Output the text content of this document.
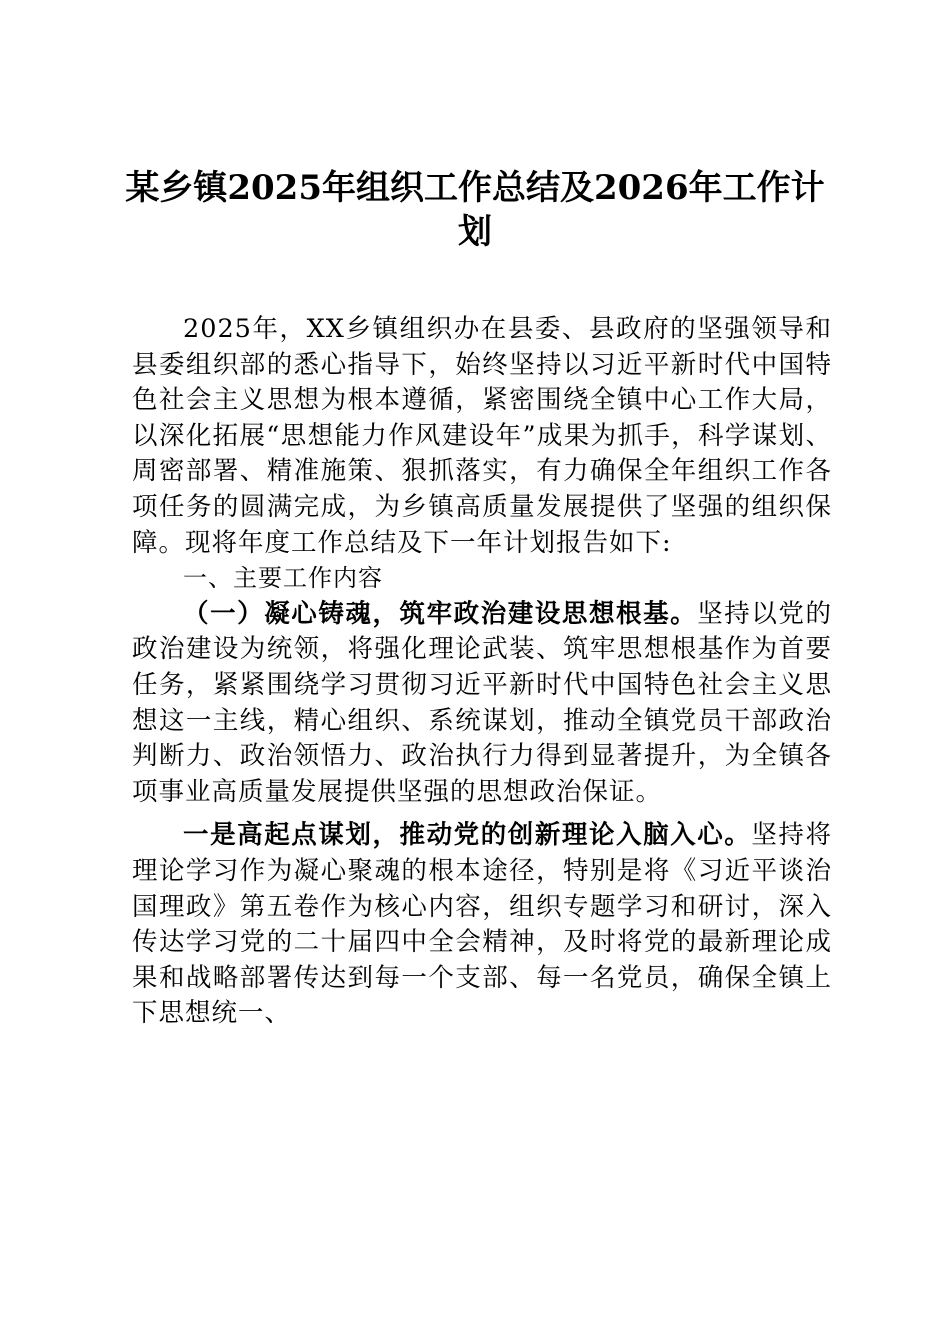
某乡镇2025年组织工作总结及2026年工作计划

2025年，XX乡镇组织办在县委、县政府的坚强领导和县委组织部的悉心指导下，始终坚持以习近平新时代中国特色社会主义思想为根本遵循，紧密围绕全镇中心工作大局，以深化拓展“思想能力作风建设年”成果为抓手，科学谋划、周密部署、精准施策、狠抓落实，有力确保全年组织工作各项任务的圆满完成，为乡镇高质量发展提供了坚强的组织保障。现将年度工作总结及下一年计划报告如下:

一、主要工作内容

（一）凝心铸魂，筑牢政治建设思想根基。坚持以党的政治建设为统领，将强化理论武装、筑牢思想根基作为首要任务，紧紧围绕学习贯彻习近平新时代中国特色社会主义思想这一主线，精心组织、系统谋划，推动全镇党员干部政治判断力、政治领悟力、政治执行力得到显著提升，为全镇各项事业高质量发展提供坚强的思想政治保证。

一是高起点谋划，推动党的创新理论入脑入心。坚持将理论学习作为凝心聚魂的根本途径，特别是将《习近平谈治国理政》第五卷作为核心内容，组织专题学习和研讨，深入传达学习党的二十届四中全会精神，及时将党的最新理论成果和战略部署传达到每一个支部、每一名党员，确保全镇上下思想统一、
